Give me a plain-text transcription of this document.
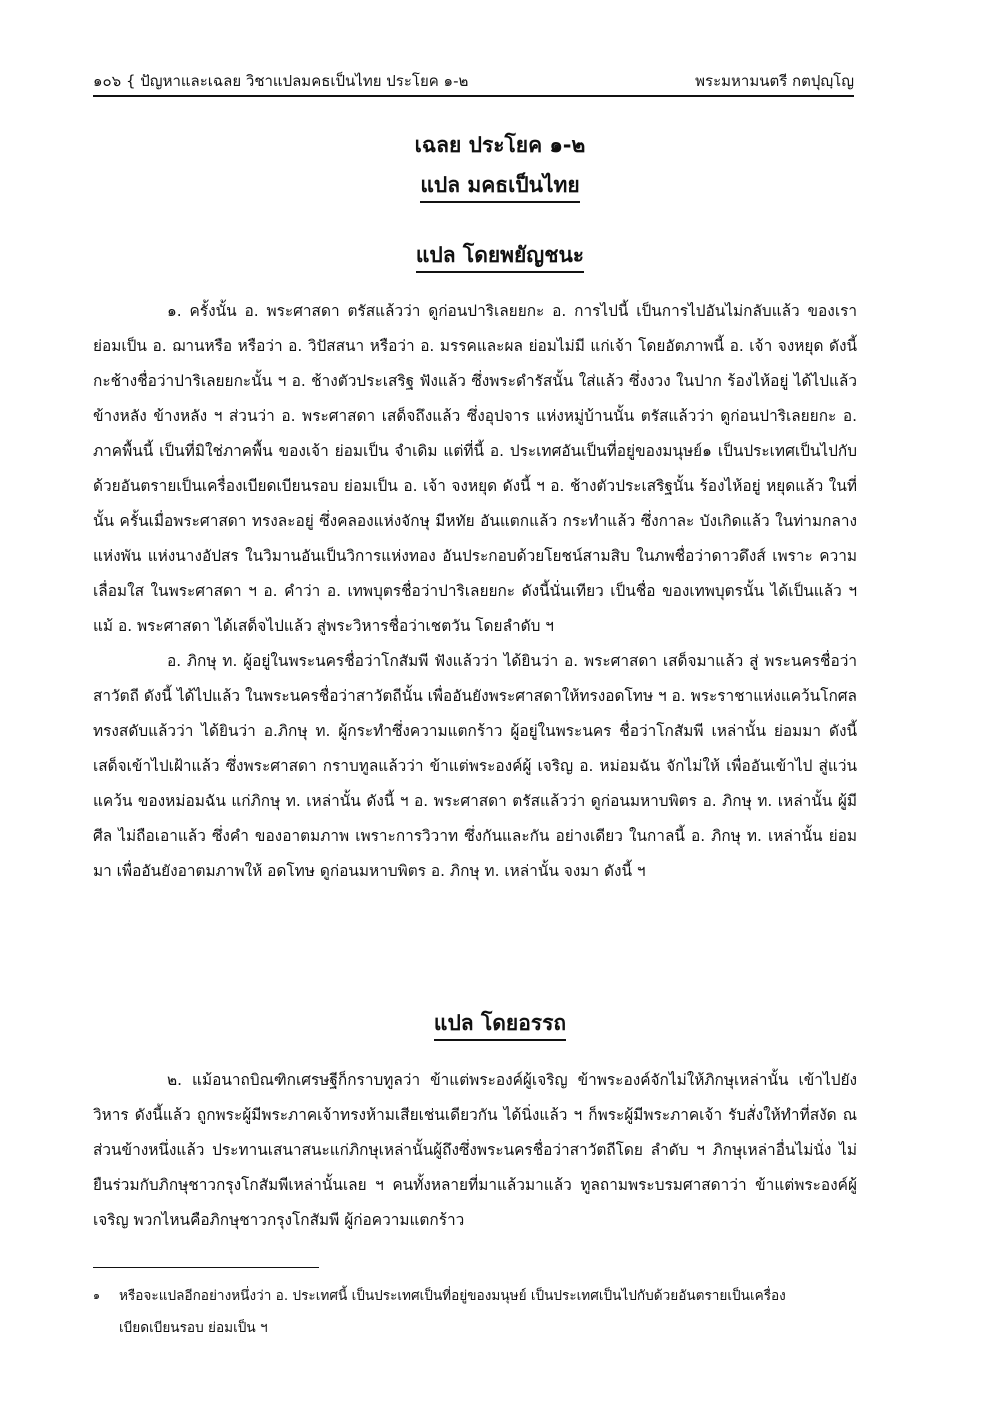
๑๐๖ { ปัญหาและเฉลย วิชาแปลมคธเป็นไทย ประโยค ๑-๒	พระมหามนตรี กตปุญฺโญ
เฉลย ประโยค ๑-๒
แปล มคธเป็นไทย
แปล โดยพยัญชนะ

๑. ครั้งนั้น อ. พระศาสดา ตรัสแล้วว่า ดูก่อนปาริเลยยกะ อ. การไปนี้ เป็นการไปอันไม่กลับแล้ว ของเรา ย่อมเป็น อ. ฌานหรือ หรือว่า อ. วิปัสสนา หรือว่า อ. มรรคและผล ย่อมไม่มี แก่เจ้า โดยอัตภาพนี้ อ. เจ้า จงหยุด ดังนี้ กะช้างชื่อว่าปาริเลยยกะนั้น ฯ อ. ช้างตัวประเสริฐ ฟังแล้ว ซึ่งพระดำรัสนั้น ใส่แล้ว ซึ่งงวง ในปาก ร้องไห้อยู่ ได้ไปแล้ว ข้างหลัง ข้างหลัง ฯ ส่วนว่า อ. พระศาสดา เสด็จถึงแล้ว ซึ่งอุปจาร แห่งหมู่บ้านนั้น ตรัสแล้วว่า ดูก่อนปาริเลยยกะ อ. ภาคพื้นนี้ เป็นที่มิใช่ภาคพื้น ของเจ้า ย่อมเป็น จำเดิม แต่ที่นี้ อ. ประเทศอันเป็นที่อยู่ของมนุษย์๑ เป็นประเทศเป็นไปกับด้วยอันตรายเป็นเครื่องเบียดเบียนรอบ ย่อมเป็น อ. เจ้า จงหยุด ดังนี้ ฯ อ. ช้างตัวประเสริฐนั้น ร้องไห้อยู่ หยุดแล้ว ในที่นั้น ครั้นเมื่อพระศาสดา ทรงละอยู่ ซึ่งคลองแห่งจักษุ มีหทัย อันแตกแล้ว กระทำแล้ว ซึ่งกาละ บังเกิดแล้ว ในท่ามกลางแห่งพัน แห่งนางอัปสร ในวิมานอันเป็นวิการแห่งทอง อันประกอบด้วยโยชน์สามสิบ ในภพชื่อว่าดาวดึงส์ เพราะ ความเลื่อมใส ในพระศาสดา ฯ อ. คำว่า อ. เทพบุตรชื่อว่าปาริเลยยกะ ดังนี้นั่นเทียว เป็นชื่อ ของเทพบุตรนั้น ได้เป็นแล้ว ฯ แม้ อ. พระศาสดา ได้เสด็จไปแล้ว สู่พระวิหารชื่อว่าเชตวัน โดยลำดับ ฯ

อ. ภิกษุ ท. ผู้อยู่ในพระนครชื่อว่าโกสัมพี ฟังแล้วว่า ได้ยินว่า อ. พระศาสดา เสด็จมาแล้ว สู่ พระนครชื่อว่าสาวัตถี ดังนี้ ได้ไปแล้ว ในพระนครชื่อว่าสาวัตถีนั้น เพื่ออันยังพระศาสดาให้ทรงอดโทษ ฯ อ. พระราชาแห่งแคว้นโกศล ทรงสดับแล้วว่า ได้ยินว่า อ.ภิกษุ ท. ผู้กระทำซึ่งความแตกร้าว ผู้อยู่ในพระนคร ชื่อว่าโกสัมพี เหล่านั้น ย่อมมา ดังนี้ เสด็จเข้าไปเฝ้าแล้ว ซึ่งพระศาสดา กราบทูลแล้วว่า ข้าแต่พระองค์ผู้ เจริญ อ. หม่อมฉัน จักไม่ให้ เพื่ออันเข้าไป สู่แว่นแคว้น ของหม่อมฉัน แก่ภิกษุ ท. เหล่านั้น ดังนี้ ฯ อ. พระศาสดา ตรัสแล้วว่า ดูก่อนมหาบพิตร อ. ภิกษุ ท. เหล่านั้น ผู้มีศีล ไม่ถือเอาแล้ว ซึ่งคำ ของอาตมภาพ เพราะการวิวาท ซึ่งกันและกัน อย่างเดียว ในกาลนี้ อ. ภิกษุ ท. เหล่านั้น ย่อมมา เพื่ออันยังอาตมภาพให้ อดโทษ ดูก่อนมหาบพิตร อ. ภิกษุ ท. เหล่านั้น จงมา ดังนี้ ฯ

แปล โดยอรรถ

๒. แม้อนาถบิณฑิกเศรษฐีก็กราบทูลว่า ข้าแต่พระองค์ผู้เจริญ ข้าพระองค์จักไม่ให้ภิกษุเหล่านั้น เข้าไปยังวิหาร ดังนี้แล้ว ถูกพระผู้มีพระภาคเจ้าทรงห้ามเสียเช่นเดียวกัน ได้นิ่งแล้ว ฯ ก็พระผู้มีพระภาคเจ้า รับสั่งให้ทำที่สงัด ณ ส่วนข้างหนึ่งแล้ว ประทานเสนาสนะแก่ภิกษุเหล่านั้นผู้ถึงซึ่งพระนครชื่อว่าสาวัตถีโดย ลำดับ ฯ ภิกษุเหล่าอื่นไม่นั่ง ไม่ยืนร่วมกับภิกษุชาวกรุงโกสัมพีเหล่านั้นเลย ฯ คนทั้งหลายที่มาแล้วมาแล้ว ทูลถามพระบรมศาสดาว่า ข้าแต่พระองค์ผู้เจริญ พวกไหนคือภิกษุชาวกรุงโกสัมพี ผู้ก่อความแตกร้าว

๑ หรือจะแปลอีกอย่างหนึ่งว่า อ. ประเทศนี้ เป็นประเทศเป็นที่อยู่ของมนุษย์ เป็นประเทศเป็นไปกับด้วยอันตรายเป็นเครื่อง
เบียดเบียนรอบ ย่อมเป็น ฯ
